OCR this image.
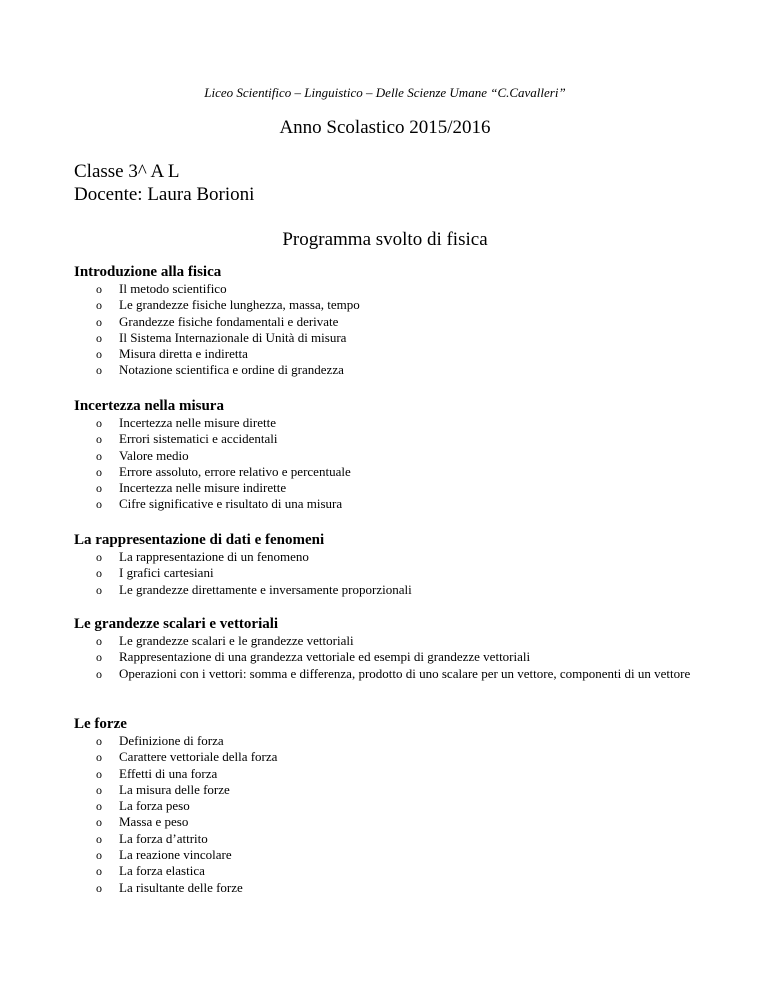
Liceo Scientifico – Linguistico – Delle Scienze Umane “C.Cavalleri”
Anno Scolastico 2015/2016
Classe 3^ A L
Docente: Laura Borioni
Programma svolto di fisica
Introduzione alla fisica
o Il metodo scientifico
o Le grandezze fisiche lunghezza, massa, tempo
o Grandezze fisiche fondamentali e derivate
o Il Sistema Internazionale di Unità di misura
o Misura diretta e indiretta
o Notazione scientifica e ordine di grandezza
Incertezza nella misura
o Incertezza nelle misure dirette
o Errori sistematici e accidentali
o Valore medio
o Errore assoluto, errore relativo e percentuale
o Incertezza nelle misure indirette
o Cifre significative e risultato di una misura
La rappresentazione di dati e fenomeni
o La rappresentazione di un fenomeno
o I grafici cartesiani
o Le grandezze direttamente e inversamente proporzionali
Le grandezze scalari e vettoriali
o Le grandezze scalari e le grandezze vettoriali
o Rappresentazione di una grandezza vettoriale ed esempi di grandezze vettoriali
o Operazioni con i vettori: somma e differenza, prodotto di uno scalare per un vettore, componenti di un vettore
Le forze
o Definizione di forza
o Carattere vettoriale della forza
o Effetti di una forza
o La misura delle forze
o La forza peso
o Massa e peso
o La forza d’attrito
o La reazione vincolare
o La forza elastica
o La risultante delle forze
